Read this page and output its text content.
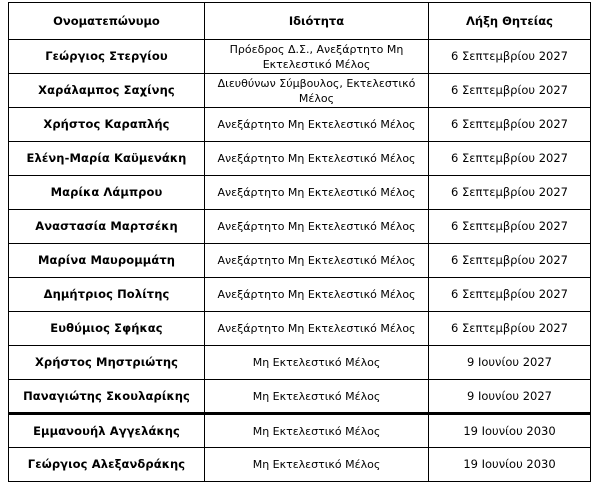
Ονοματεπώνυμο	Ιδιότητα	Λήξη Θητείας
Γεώργιος Στεργίου	Πρόεδρος Δ.Σ., Ανεξάρτητο Μη Εκτελεστικό Μέλος	6 Σεπτεμβρίου 2027
Χαράλαμπος Σαχίνης	Διευθύνων Σύμβουλος, Εκτελεστικό Μέλος	6 Σεπτεμβρίου 2027
Χρήστος Καραπλής	Ανεξάρτητο Μη Εκτελεστικό Μέλος	6 Σεπτεμβρίου 2027
Ελένη-Μαρία Καϋμενάκη	Ανεξάρτητο Μη Εκτελεστικό Μέλος	6 Σεπτεμβρίου 2027
Μαρίκα Λάμπρου	Ανεξάρτητο Μη Εκτελεστικό Μέλος	6 Σεπτεμβρίου 2027
Αναστασία Μαρτσέκη	Ανεξάρτητο Μη Εκτελεστικό Μέλος	6 Σεπτεμβρίου 2027
Μαρίνα Μαυρομμάτη	Ανεξάρτητο Μη Εκτελεστικό Μέλος	6 Σεπτεμβρίου 2027
Δημήτριος Πολίτης	Ανεξάρτητο Μη Εκτελεστικό Μέλος	6 Σεπτεμβρίου 2027
Ευθύμιος Σφήκας	Ανεξάρτητο Μη Εκτελεστικό Μέλος	6 Σεπτεμβρίου 2027
Χρήστος Μηστριώτης	Μη Εκτελεστικό Μέλος	9 Ιουνίου 2027
Παναγιώτης Σκουλαρίκης	Μη Εκτελεστικό Μέλος	9 Ιουνίου 2027
Εμμανουήλ Αγγελάκης	Μη Εκτελεστικό Μέλος	19 Ιουνίου 2030
Γεώργιος Αλεξανδράκης	Μη Εκτελεστικό Μέλος	19 Ιουνίου 2030
